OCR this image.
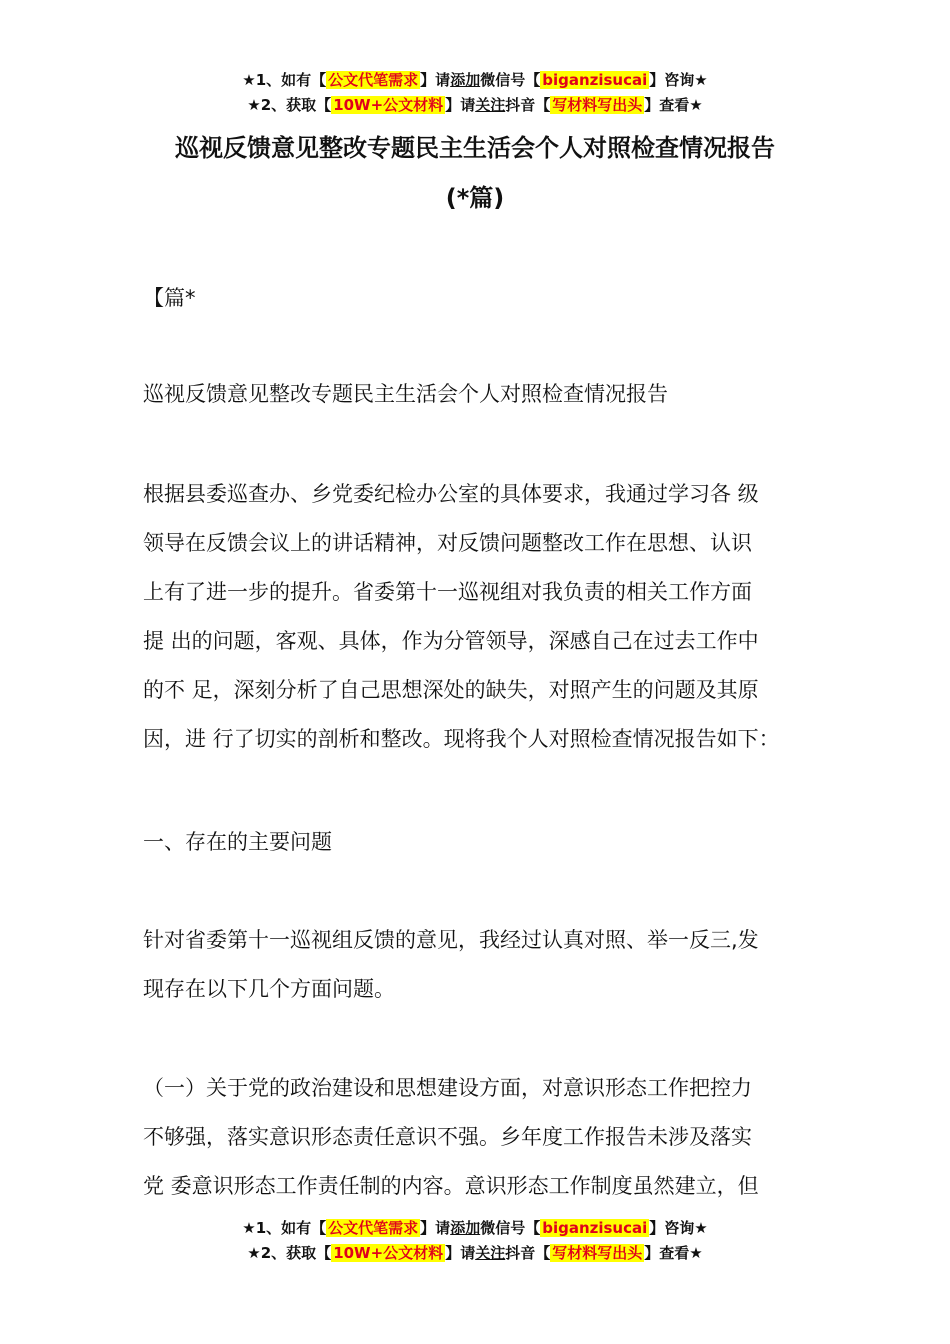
★1、如有【 公文代笔需求 】请添加微信号【 biganzisucai 】咨询★
★2、获取【 10W+公文材料 】请关注抖音【 写材料写出头 】查看★
巡视反馈意见整改专题民主生活会个人对照检查情况报告
(*篇)
【篇*
巡视反馈意见整改专题民主生活会个人对照检查情况报告
根据县委巡查办、乡党委纪检办公室的具体要求，我通过学习各 级
领导在反馈会议上的讲话精神，对反馈问题整改工作在思想、认识
上有了进一步的提升。省委第十一巡视组对我负责的相关工作方面
提 出的问题，客观、具体，作为分管领导，深感自己在过去工作中
的不 足，深刻分析了自己思想深处的缺失，对照产生的问题及其原
因，进 行了切实的剖析和整改。现将我个人对照检查情况报告如下：
一、存在的主要问题
针对省委第十一巡视组反馈的意见，我经过认真对照、举一反三,发
现存在以下几个方面问题。
（一）关于党的政治建设和思想建设方面，对意识形态工作把控力
不够强，落实意识形态责任意识不强。乡年度工作报告未涉及落实
党 委意识形态工作责任制的内容。意识形态工作制度虽然建立，但
★1、如有【 公文代笔需求 】请添加微信号【 biganzisucai 】咨询★
★2、获取【 10W+公文材料 】请关注抖音【 写材料写出头 】查看★
